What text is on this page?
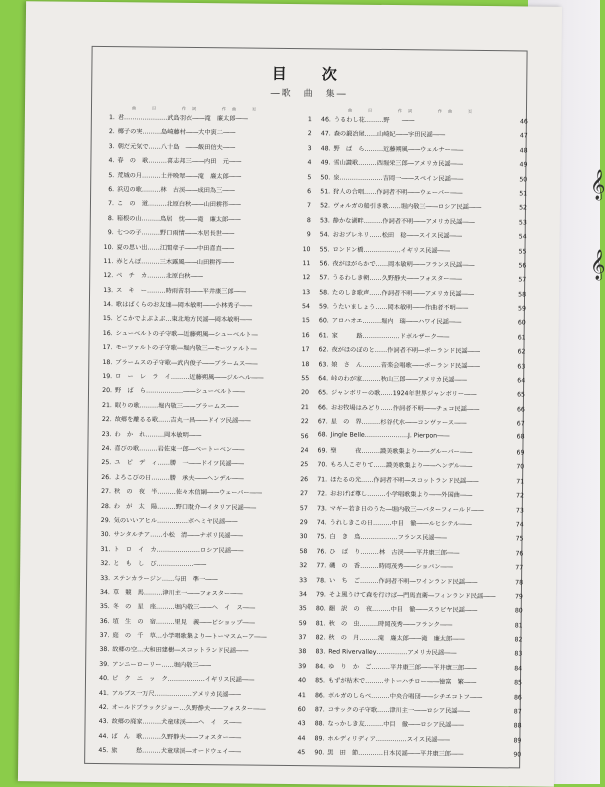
𝄞
𝄞
目　次
―歌　曲　集―
曲　目　　作詞　　作曲　頁
1. 君…………………武島羽衣――滝　廉太郎――	1
2. 椰子の実………島崎藤村――大中寅二――	2
3. 朝だ元気で……八十島　――飯田信夫――	3
4. 春　の　歌………喜志邦三――内田　元――	4
5. 荒城の月………土井晩翠――滝　廉太郎――	5
6. 浜辺の歌………林　古渓――成田為三――	6
7. こ　の　道………北原白秋――山田耕筰――	7
8. 箱根の山………鳥居　忱――滝　廉太郎――	8
9. 七つの子………野口雨情――本居長世――	9
10. 夏の思い出……江間章子――中田喜直――	10
11. 赤とんぼ………三木露風――山田耕筰――	11
12. ペ　チ　カ………北原白秋――	12
13. ス　キ　ー………時雨音羽――平井康三郎――	13
14. 歌はばくらのお友達―岡本敏明――小林秀子――	54
15. どこかでよぶよぶ…東北地方民謡―岡本敏明――	15
16. シューベルトの子守歌―近藤朔風―シューベルト―	16
17. モーツァルトの子守歌―堀内敬三―モーツァルト―	17
18. ブラームスの子守歌―武内俊子――ブラームス――	18
19. ロ　ー　レ　ラ　イ………近藤朔風――ジルヘル――	55
20. 野　ば　ら………………――シューベルト――	20
21. 眠りの歌………堀内敬三――ブラームス――	21
22. 故郷を離るる歌……吉丸一昌――ドイツ民謡――	22
23. わ　か　れ………岡本敏明――	56
24. 喜びの歌………岩佐東一郎―ベートーベン――	24
25. ユ　ピ　デ　ィ……勝　一――ドイツ民謡――	25
26. よろこびの日………勝　承夫――ヘンデル――	26
27. 秋　の　夜　半………佐々木信綱――ウェーバー――	27
28. わ　が　太　陽………野口耽介―イタリア民謡――	57
29. 気のいいアヒル……………ボヘミヤ民謡――	29
30. サンタルチア……小松　清――ナポリ民謡――	30
31. ト　ロ　イ　カ…………………ロシア民謡――	58
32. と　も　し　び………………――	32
33. ステンカラージン……与田　準一――	33
34. 草　競　馬………津川主一――フォスター――	34
35. 冬　の　星　座………堀内敬三――ヘ　イ　ス――	35
36. 埴　生　の　宿………里見　義――ビショップ――	59
37. 庭　の　千　草…小学唱歌集より―トーマスムーア――	37
38. 故郷の空…大和田建樹―スコットランド民謡――	38
39. アンニーローリー……堀内敬三――	39
40. ピ　ク　ニ　ッ　ク………………イギリス民謡――	40
41. アルプス一万尺………………アメリカ民謡――	41
42. オールドブラックジョー…久野静夫――フォスター――	60
43. 故郷の廃家………犬童球渓――ヘ　イ　ス――	43
44. ば　ん　歌………久野静夫――フォスター――	44
45. 旅　　　愁………犬童球渓―オードウェイ――	45
曲　目　　作詞　　作曲　頁
46. うるわし花………野　　――	46
47. 森の鍛冶屋……山崎紀――宇田民謡――	47
48. 野　ば　ら………近藤朔風――ウェルナー――	48
49. 雪山讃歌………西堀栄三郎―アメリカ民謡――	49
50. 泉…………………吉岡一――スペイン民謡――	50
51. 狩人の合唱……作詞者不明――ウェーバー――	51
52. ヴォルガの船引き歌……堀内敬三――ロシア民謡――	52
53. 静かな湖畔………作詞者不明――アメリカ民謡――	53
54. おおブレネリ……松田　稔――スイス民謡――	54
55. ロンドン橋………………イギリス民謡――	55
56. 夜がほがらかで……岡本敏明――フランス民謡――	56
57. うるわしき朝……久野静夫――フォスター――	57
58. たのしき歌声……作詞者不明――アメリカ民謡――	58
59. うたいましょう……岡本敏明――作曲者不明――	59
60. アロハオエ………堀内　瑞――ハワイ民謡――	60
61. 家　　　路………………ドボルザーク――	61
62. 夜がほのぼのと……作詞者不明―ポーランド民謡――	62
63. 娘　さ　ん………音楽会唱歌――ポーランド民謡――	63
64. 峠のわが家………秋山三郎――アメリカ民謡――	64
65. ジャンボリーの歌……1924年世界ジャンボリー――	65
66. おお牧場はみどり……作詞者不明――チェコ民謡――	66
67. 星　の　界………杉谷代水――コンヴァース――	67
68. Jingle Belle…………………J. Pierpon――	68
69. 聖　　　夜………讃美歌集より――グルーバー――	69
70. もろ人こぞりて……讃美歌集より――ヘンデル――	70
71. ほたるの光……作詞者不明―スコットランド民謡――	71
72. おおげば尊し………小学唱歌集より――外国曲――	72
73. マギー若き日のうた―堀内敬三―バターフィールド――	73
74. うれしきこの日………中目　徹――ルヒシテル――	74
75. 白　き　鳥………………フランス民謡――	75
76. ひ　ば　り………林　古渓――平井康三郎――	76
77. 磯　の　香………時岡茂秀――ショパン――	77
78. い　ち　ご………作詞者不明―ワインランド民謡――	78
79. そよ風うけて森を行けば―門馬直衛―フィンランド民謡――	79
80. 翻　訳　の　夜………中目　徹――スラビヤ民謡――	80
81. 秋　の　虫………時岡茂秀――フランク――	81
82. 秋　の　月………滝　廉太郎――滝　廉太郎――	82
83. Red Rivervalley……………アメリカ民謡――	83
84. ゆ　り　か　ご………平井康三郎――平井康三郎――	84
85. もずが枯木で………サトーハチロー――徳富　繁――	85
86. ボルガのしらべ………中央合唱団――シチエコトフ――	86
87. コサックの子守歌……津川主一――ロシア民謡――	87
88. なっかしき友………中目　徹――ロシア民謡――	88
89. ホルディリディア……………スイス民謡――	89
90. 黒　田　節…………日本民謡――平井康三郎――	90
